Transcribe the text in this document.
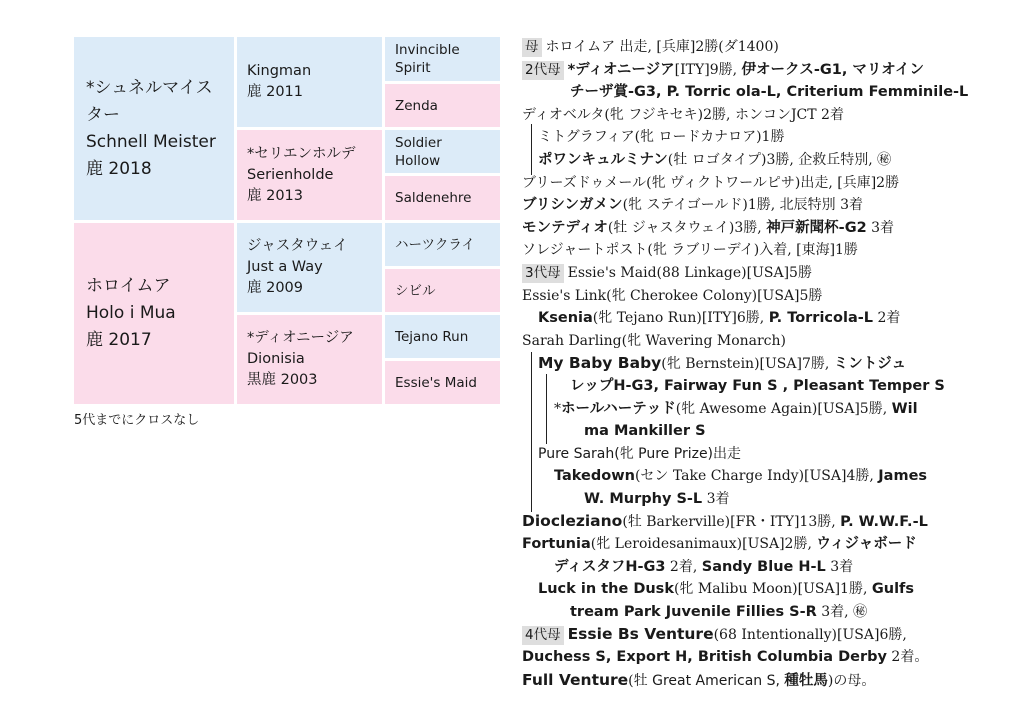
*シュネルマイスター
Schnell Meister
鹿 2018
ホロイムア
Holo i Mua
鹿 2017
Kingman
鹿 2011
*セリエンホルデ
Serienholde
鹿 2013
ジャスタウェイ
Just a Way
鹿 2009
*ディオニージア
Dionisia
黒鹿 2003
Invincible Spirit
Zenda
Soldier Hollow
Saldenehre
ハーツクライ
シビル
Tejano Run
Essie's Maid
5代までにクロスなし
母 ホロイムア 出走, [兵庫]2勝(ダ1400)
2代母 *ディオニージア[ITY]9勝, 伊オークス-G1, マリオイン
チーザ賞-G3, P. Torric ola-L, Criterium Femminile-L
ディオベルタ(牝 フジキセキ)2勝, ホンコンJCT 2着
ミトグラフィア(牝 ロードカナロア)1勝
ポワンキュルミナン(牡 ロゴタイプ)3勝, 企救丘特別, ㊙
ブリーズドゥメール(牝 ヴィクトワールピサ)出走, [兵庫]2勝
ブリシンガメン(牝 ステイゴールド)1勝, 北辰特別 3着
モンテディオ(牡 ジャスタウェイ)3勝, 神戸新聞杯-G2 3着
ソレジャートポスト(牝 ラブリーデイ)入着, [東海]1勝
3代母 Essie's Maid(88 Linkage)[USA]5勝
Essie's Link(牝 Cherokee Colony)[USA]5勝
Ksenia(牝 Tejano Run)[ITY]6勝, P. Torricola-L 2着
Sarah Darling(牝 Wavering Monarch)
My Baby Baby(牝 Bernstein)[USA]7勝, ミントジュ
レップH-G3, Fairway Fun S , Pleasant Temper S
*ホールハーテッド(牝 Awesome Again)[USA]5勝, Wil
ma Mankiller S
Pure Sarah(牝 Pure Prize)出走
Takedown(セン Take Charge Indy)[USA]4勝, James
W. Murphy S-L 3着
Diocleziano(牡 Barkerville)[FR・ITY]13勝, P. W.W.F.-L
Fortunia(牝 Leroidesanimaux)[USA]2勝, ウィジャボード
ディスタフH-G3 2着, Sandy Blue H-L 3着
Luck in the Dusk(牝 Malibu Moon)[USA]1勝, Gulfs
tream Park Juvenile Fillies S-R 3着, ㊙
4代母 Essie Bs Venture(68 Intentionally)[USA]6勝,
Duchess S, Export H, British Columbia Derby 2着。
Full Venture(牡 Great American S, 種牡馬)の母。
